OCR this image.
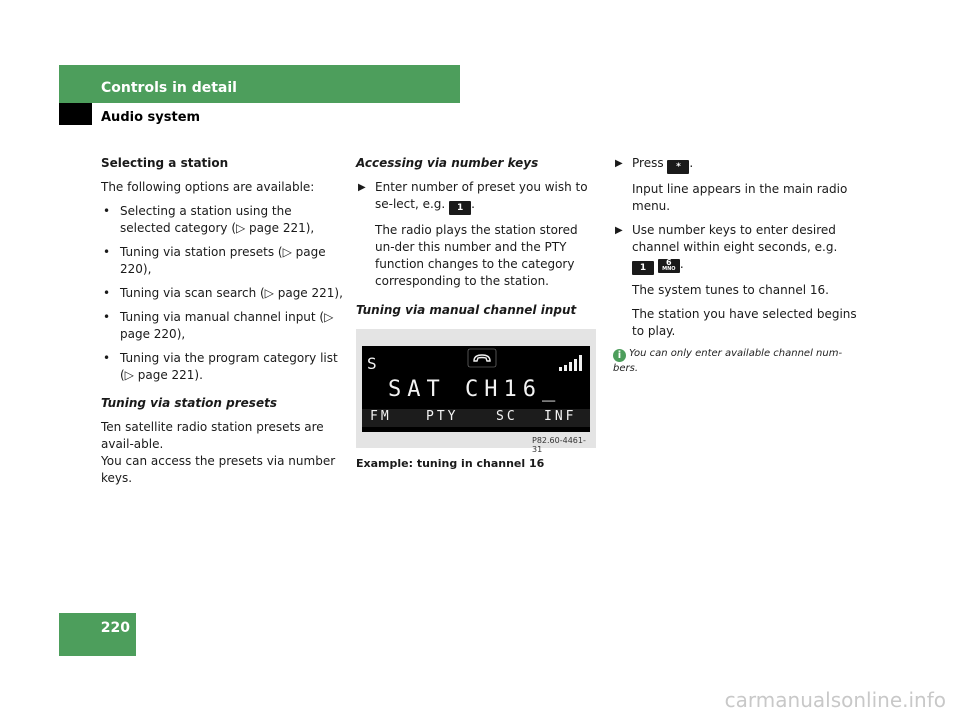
Controls in detail
Audio system
Selecting a station

The following options are available:

• Selecting a station using the selected category (▷ page 221),
• Tuning via station presets (▷ page 220),
• Tuning via scan search (▷ page 221),
• Tuning via manual channel input (▷ page 220),
• Tuning via the program category list (▷ page 221).
Tuning via station presets

Ten satellite radio station presets are avail-able.

You can access the presets via number keys.

Accessing via number keys
▶ Enter number of preset you wish to se-lect, e.g. 1 .
The radio plays the station stored un-der this number and the PTY function changes to the category corresponding to the station.
Tuning via manual channel input
S
SAT CH16_
FM	PTY	SC INF
P82.60-4461-31
Example: tuning in channel 16
▶ Press * .
Input line appears in the main radio menu.
▶ Use number keys to enter desired channel within eight seconds, e.g. 1
6
MNO .
The system tunes to channel 16.
The station you have selected begins to play.
i You can only enter available channel num-bers.
220
carmanualsonline.info
